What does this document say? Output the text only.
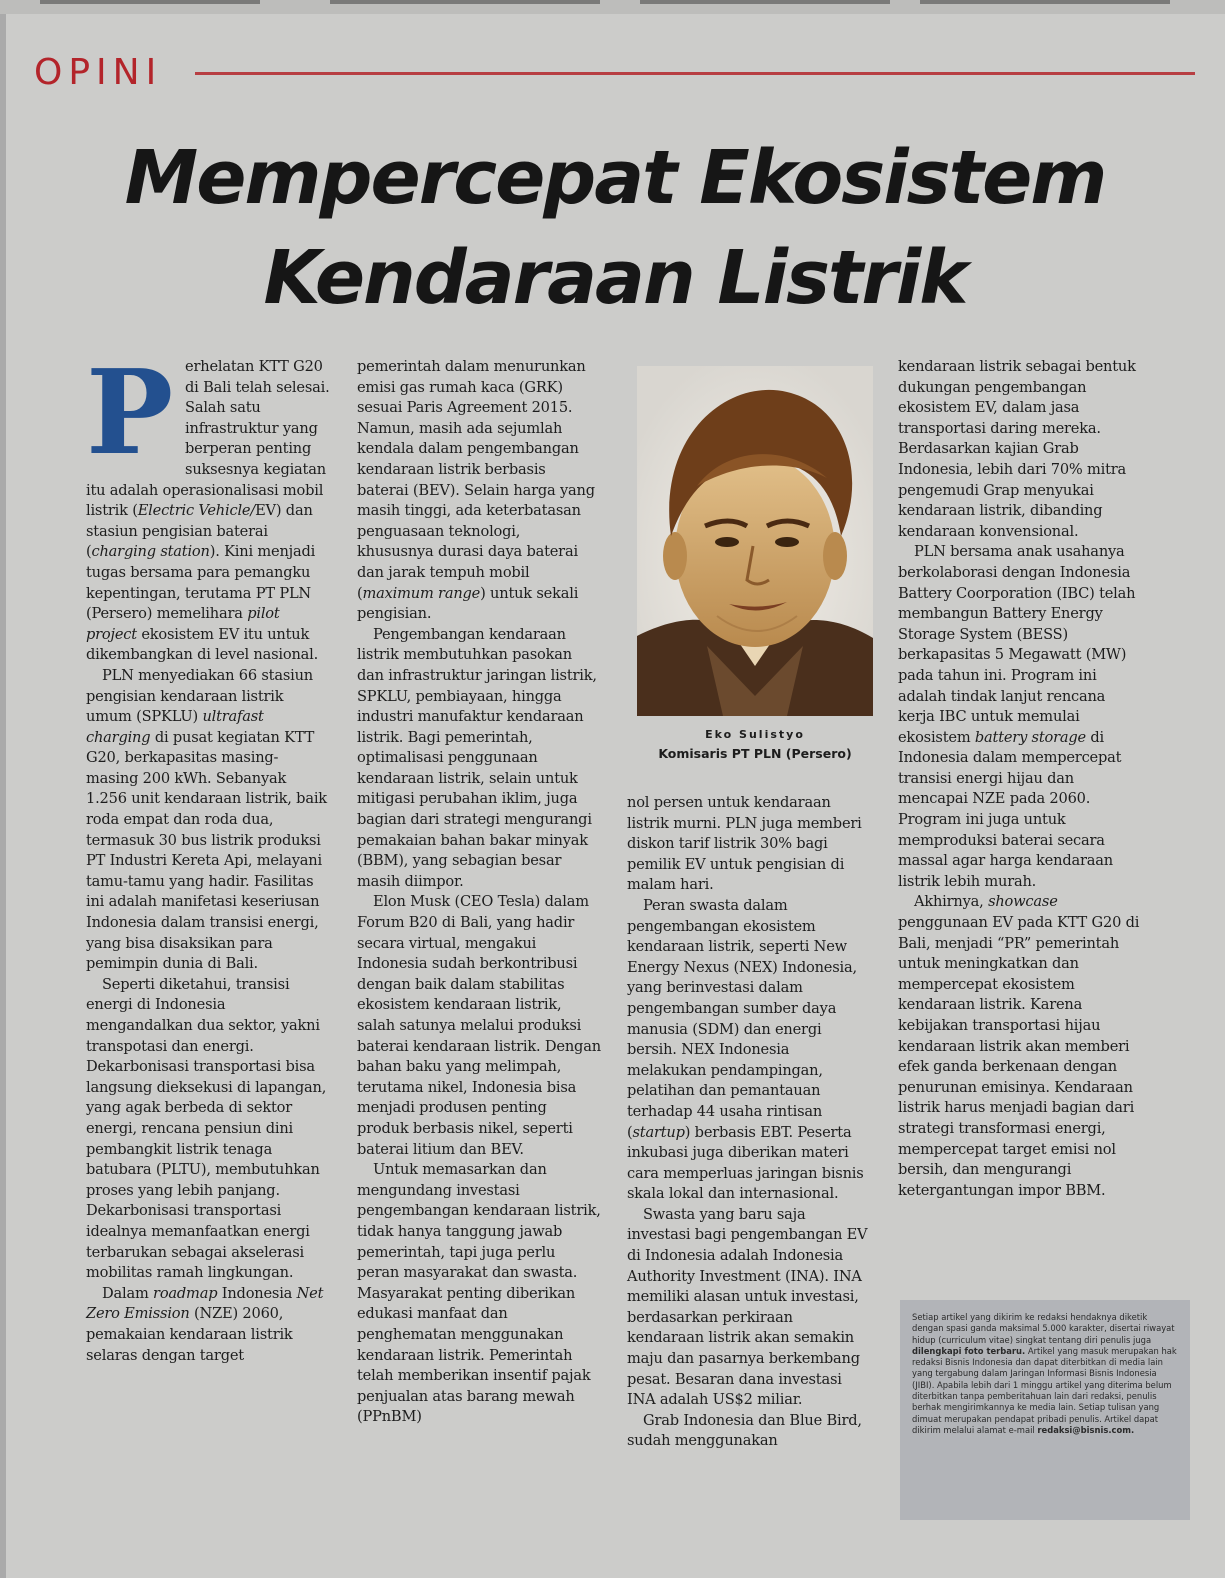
OPINI
Mempercepat Ekosistem
Kendaraan Listrik

Perhelatan KTT G20 di Bali telah selesai. Salah satu infrastruktur yang berperan penting suksesnya kegiatan itu adalah operasionalisasi mobil listrik (Electric Vehicle/EV) dan stasiun pengisian baterai (charging station). Kini menjadi tugas bersama para pemangku kepentingan, terutama PT PLN (Persero) memelihara pilot project ekosistem EV itu untuk dikembangkan di level nasional.

PLN menyediakan 66 stasiun pengisian kendaraan listrik umum (SPKLU) ultrafast charging di pusat kegiatan KTT G20, berkapasitas masing-masing 200 kWh. Sebanyak 1.256 unit kendaraan listrik, baik roda empat dan roda dua, termasuk 30 bus listrik produksi PT Industri Kereta Api, melayani tamu-tamu yang hadir. Fasilitas ini adalah manifetasi keseriusan Indonesia dalam transisi energi, yang bisa disaksikan para pemimpin dunia di Bali.

Seperti diketahui, transisi energi di Indonesia mengandalkan dua sektor, yakni transpotasi dan energi. Dekarbonisasi transportasi bisa langsung dieksekusi di lapangan, yang agak berbeda di sektor energi, rencana pensiun dini pembangkit listrik tenaga batubara (PLTU), membutuhkan proses yang lebih panjang. Dekarbonisasi transportasi idealnya memanfaatkan energi terbarukan sebagai akselerasi mobilitas ramah lingkungan.

Dalam roadmap Indonesia Net Zero Emission (NZE) 2060, pemakaian kendaraan listrik selaras dengan target

pemerintah dalam menurunkan emisi gas rumah kaca (GRK) sesuai Paris Agreement 2015. Namun, masih ada sejumlah kendala dalam pengembangan kendaraan listrik berbasis baterai (BEV). Selain harga yang masih tinggi, ada keterbatasan penguasaan teknologi, khususnya durasi daya baterai dan jarak tempuh mobil (maximum range) untuk sekali pengisian.

Pengembangan kendaraan listrik membutuhkan pasokan dan infrastruktur jaringan listrik, SPKLU, pembiayaan, hingga industri manufaktur kendaraan listrik. Bagi pemerintah, optimalisasi penggunaan kendaraan listrik, selain untuk mitigasi perubahan iklim, juga bagian dari strategi mengurangi pemakaian bahan bakar minyak (BBM), yang sebagian besar masih diimpor.

Elon Musk (CEO Tesla) dalam Forum B20 di Bali, yang hadir secara virtual, mengakui Indonesia sudah berkontribusi dengan baik dalam stabilitas ekosistem kendaraan listrik, salah satunya melalui produksi baterai kendaraan listrik. Dengan bahan baku yang melimpah, terutama nikel, Indonesia bisa menjadi produsen penting produk berbasis nikel, seperti baterai litium dan BEV.

Untuk memasarkan dan mengundang investasi pengembangan kendaraan listrik, tidak hanya tanggung jawab pemerintah, tapi juga perlu peran masyarakat dan swasta. Masyarakat penting diberikan edukasi manfaat dan penghematan menggunakan kendaraan listrik. Pemerintah telah memberikan insentif pajak penjualan atas barang mewah (PPnBM)

Eko Sulistyo
Komisaris PT PLN (Persero)

nol persen untuk kendaraan listrik murni. PLN juga memberi diskon tarif listrik 30% bagi pemilik EV untuk pengisian di malam hari.

Peran swasta dalam pengembangan ekosistem kendaraan listrik, seperti New Energy Nexus (NEX) Indonesia, yang berinvestasi dalam pengembangan sumber daya manusia (SDM) dan energi bersih. NEX Indonesia melakukan pendampingan, pelatihan dan pemantauan terhadap 44 usaha rintisan (startup) berbasis EBT. Peserta inkubasi juga diberikan materi cara memperluas jaringan bisnis skala lokal dan internasional.

Swasta yang baru saja investasi bagi pengembangan EV di Indonesia adalah Indonesia Authority Investment (INA). INA memiliki alasan untuk investasi, berdasarkan perkiraan kendaraan listrik akan semakin maju dan pasarnya berkembang pesat. Besaran dana investasi INA adalah US$2 miliar.

Grab Indonesia dan Blue Bird, sudah menggunakan

kendaraan listrik sebagai bentuk dukungan pengembangan ekosistem EV, dalam jasa transportasi daring mereka. Berdasarkan kajian Grab Indonesia, lebih dari 70% mitra pengemudi Grap menyukai kendaraan listrik, dibanding kendaraan konvensional.

PLN bersama anak usahanya berkolaborasi dengan Indonesia Battery Coorporation (IBC) telah membangun Battery Energy Storage System (BESS) berkapasitas 5 Megawatt (MW) pada tahun ini. Program ini adalah tindak lanjut rencana kerja IBC untuk memulai ekosistem battery storage di Indonesia dalam mempercepat transisi energi hijau dan mencapai NZE pada 2060. Program ini juga untuk memproduksi baterai secara massal agar harga kendaraan listrik lebih murah.

Akhirnya, showcase penggunaan EV pada KTT G20 di Bali, menjadi “PR” pemerintah untuk meningkatkan dan mempercepat ekosistem kendaraan listrik. Karena kebijakan transportasi hijau kendaraan listrik akan memberi efek ganda berkenaan dengan penurunan emisinya. Kendaraan listrik harus menjadi bagian dari strategi transformasi energi, mempercepat target emisi nol bersih, dan mengurangi ketergantungan impor BBM.

Setiap artikel yang dikirim ke redaksi hendaknya diketik dengan spasi ganda maksimal 5.000 karakter, disertai riwayat hidup (curriculum vitae) singkat tentang diri penulis juga dilengkapi foto terbaru. Artikel yang masuk merupakan hak redaksi Bisnis Indonesia dan dapat diterbitkan di media lain yang tergabung dalam Jaringan Informasi Bisnis Indonesia (JIBI). Apabila lebih dari 1 minggu artikel yang diterima belum diterbitkan tanpa pemberitahuan lain dari redaksi, penulis berhak mengirimkannya ke media lain. Setiap tulisan yang dimuat merupakan pendapat pribadi penulis. Artikel dapat dikirim melalui alamat e-mail redaksi@bisnis.com.
